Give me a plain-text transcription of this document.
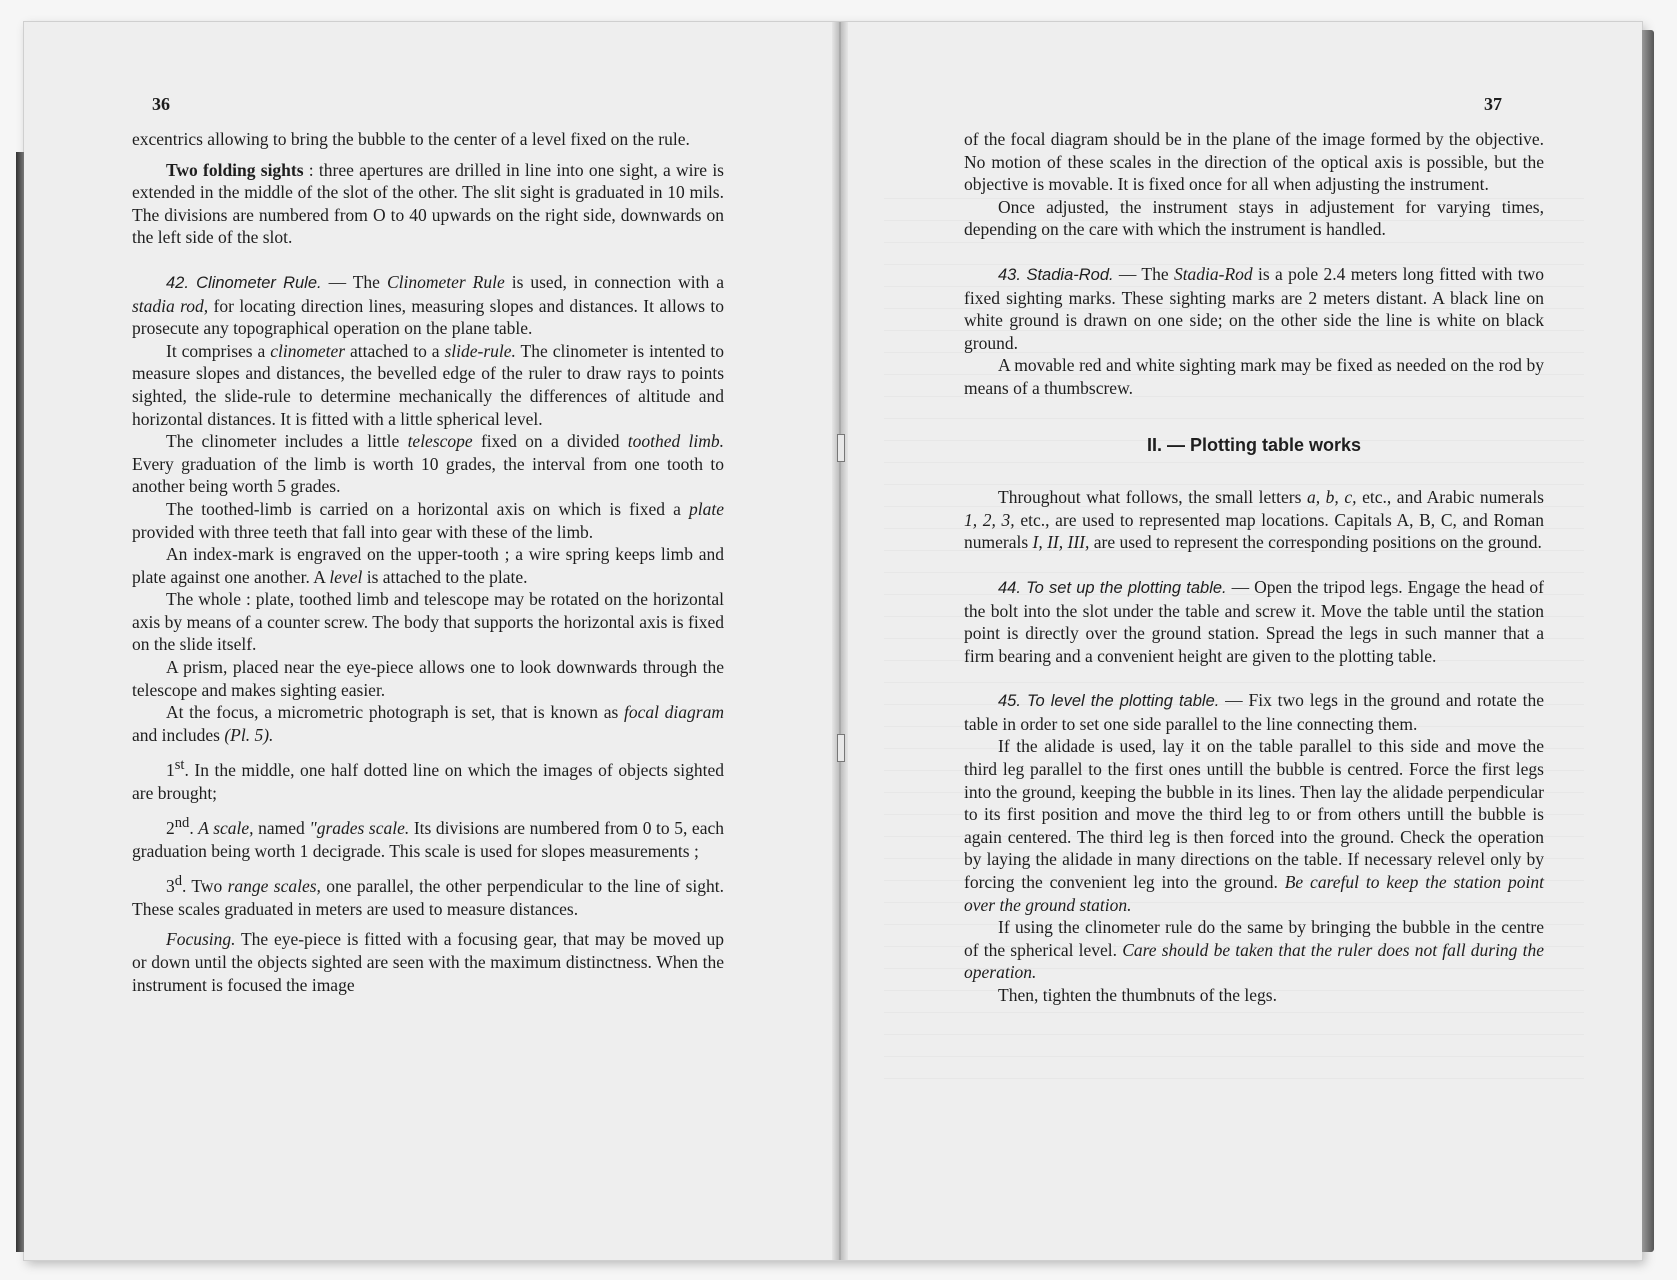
36

excentrics allowing to bring the bubble to the center of a level fixed on the rule.

Two folding sights : three apertures are drilled in line into one sight, a wire is extended in the middle of the slot of the other. The slit sight is graduated in 10 mils. The divisions are numbered from O to 40 upwards on the right side, downwards on the left side of the slot.

42. Clinometer Rule. — The Clinometer Rule is used, in connection with a stadia rod, for locating direction lines, measuring slopes and distances. It allows to prosecute any topographical operation on the plane table.

It comprises a clinometer attached to a slide-rule. The clinometer is intented to measure slopes and distances, the bevelled edge of the ruler to draw rays to points sighted, the slide-rule to determine mechanically the differences of altitude and horizontal distances. It is fitted with a little spherical level.

The clinometer includes a little telescope fixed on a divided toothed limb. Every graduation of the limb is worth 10 grades, the interval from one tooth to another being worth 5 grades.

The toothed-limb is carried on a horizontal axis on which is fixed a plate provided with three teeth that fall into gear with these of the limb.

An index-mark is engraved on the upper-tooth ; a wire spring keeps limb and plate against one another. A level is attached to the plate.

The whole : plate, toothed limb and telescope may be rotated on the horizontal axis by means of a counter screw. The body that supports the horizontal axis is fixed on the slide itself.

A prism, placed near the eye-piece allows one to look downwards through the telescope and makes sighting easier.

At the focus, a micrometric photograph is set, that is known as focal diagram and includes (Pl. 5).

1st. In the middle, one half dotted line on which the images of objects sighted are brought;

2nd. A scale, named "grades scale. Its divisions are numbered from 0 to 5, each graduation being worth 1 decigrade. This scale is used for slopes measurements ;

3$^d$. Two range scales, one parallel, the other perpendicular to the line of sight. These scales graduated in meters are used to measure distances.

Focusing. The eye-piece is fitted with a focusing gear, that may be moved up or down until the objects sighted are seen with the maximum distinctness. When the instrument is focused the image

37

of the focal diagram should be in the plane of the image formed by the objective. No motion of these scales in the direction of the optical axis is possible, but the objective is movable. It is fixed once for all when adjusting the instrument.

Once adjusted, the instrument stays in adjustement for varying times, depending on the care with which the instrument is handled.

43. Stadia-Rod. — The Stadia-Rod is a pole 2.4 meters long fitted with two fixed sighting marks. These sighting marks are 2 meters distant. A black line on white ground is drawn on one side; on the other side the line is white on black ground.

A movable red and white sighting mark may be fixed as needed on the rod by means of a thumbscrew.

II. — Plotting table works

Throughout what follows, the small letters a, b, c, etc., and Arabic numerals 1, 2, 3, etc., are used to represented map locations. Capitals A, B, C, and Roman numerals I, II, III, are used to represent the corresponding positions on the ground.

44. To set up the plotting table. — Open the tripod legs. Engage the head of the bolt into the slot under the table and screw it. Move the table until the station point is directly over the ground station. Spread the legs in such manner that a firm bearing and a convenient height are given to the plotting table.

45. To level the plotting table. — Fix two legs in the ground and rotate the table in order to set one side parallel to the line connecting them.

If the alidade is used, lay it on the table parallel to this side and move the third leg parallel to the first ones untill the bubble is centred. Force the first legs into the ground, keeping the bubble in its lines. Then lay the alidade perpendicular to its first position and move the third leg to or from others untill the bubble is again centered. The third leg is then forced into the ground. Check the operation by laying the alidade in many directions on the table. If necessary relevel only by forcing the convenient leg into the ground. Be careful to keep the station point over the ground station.

If using the clinometer rule do the same by bringing the bubble in the centre of the spherical level. Care should be taken that the ruler does not fall during the operation.

Then, tighten the thumbnuts of the legs.
